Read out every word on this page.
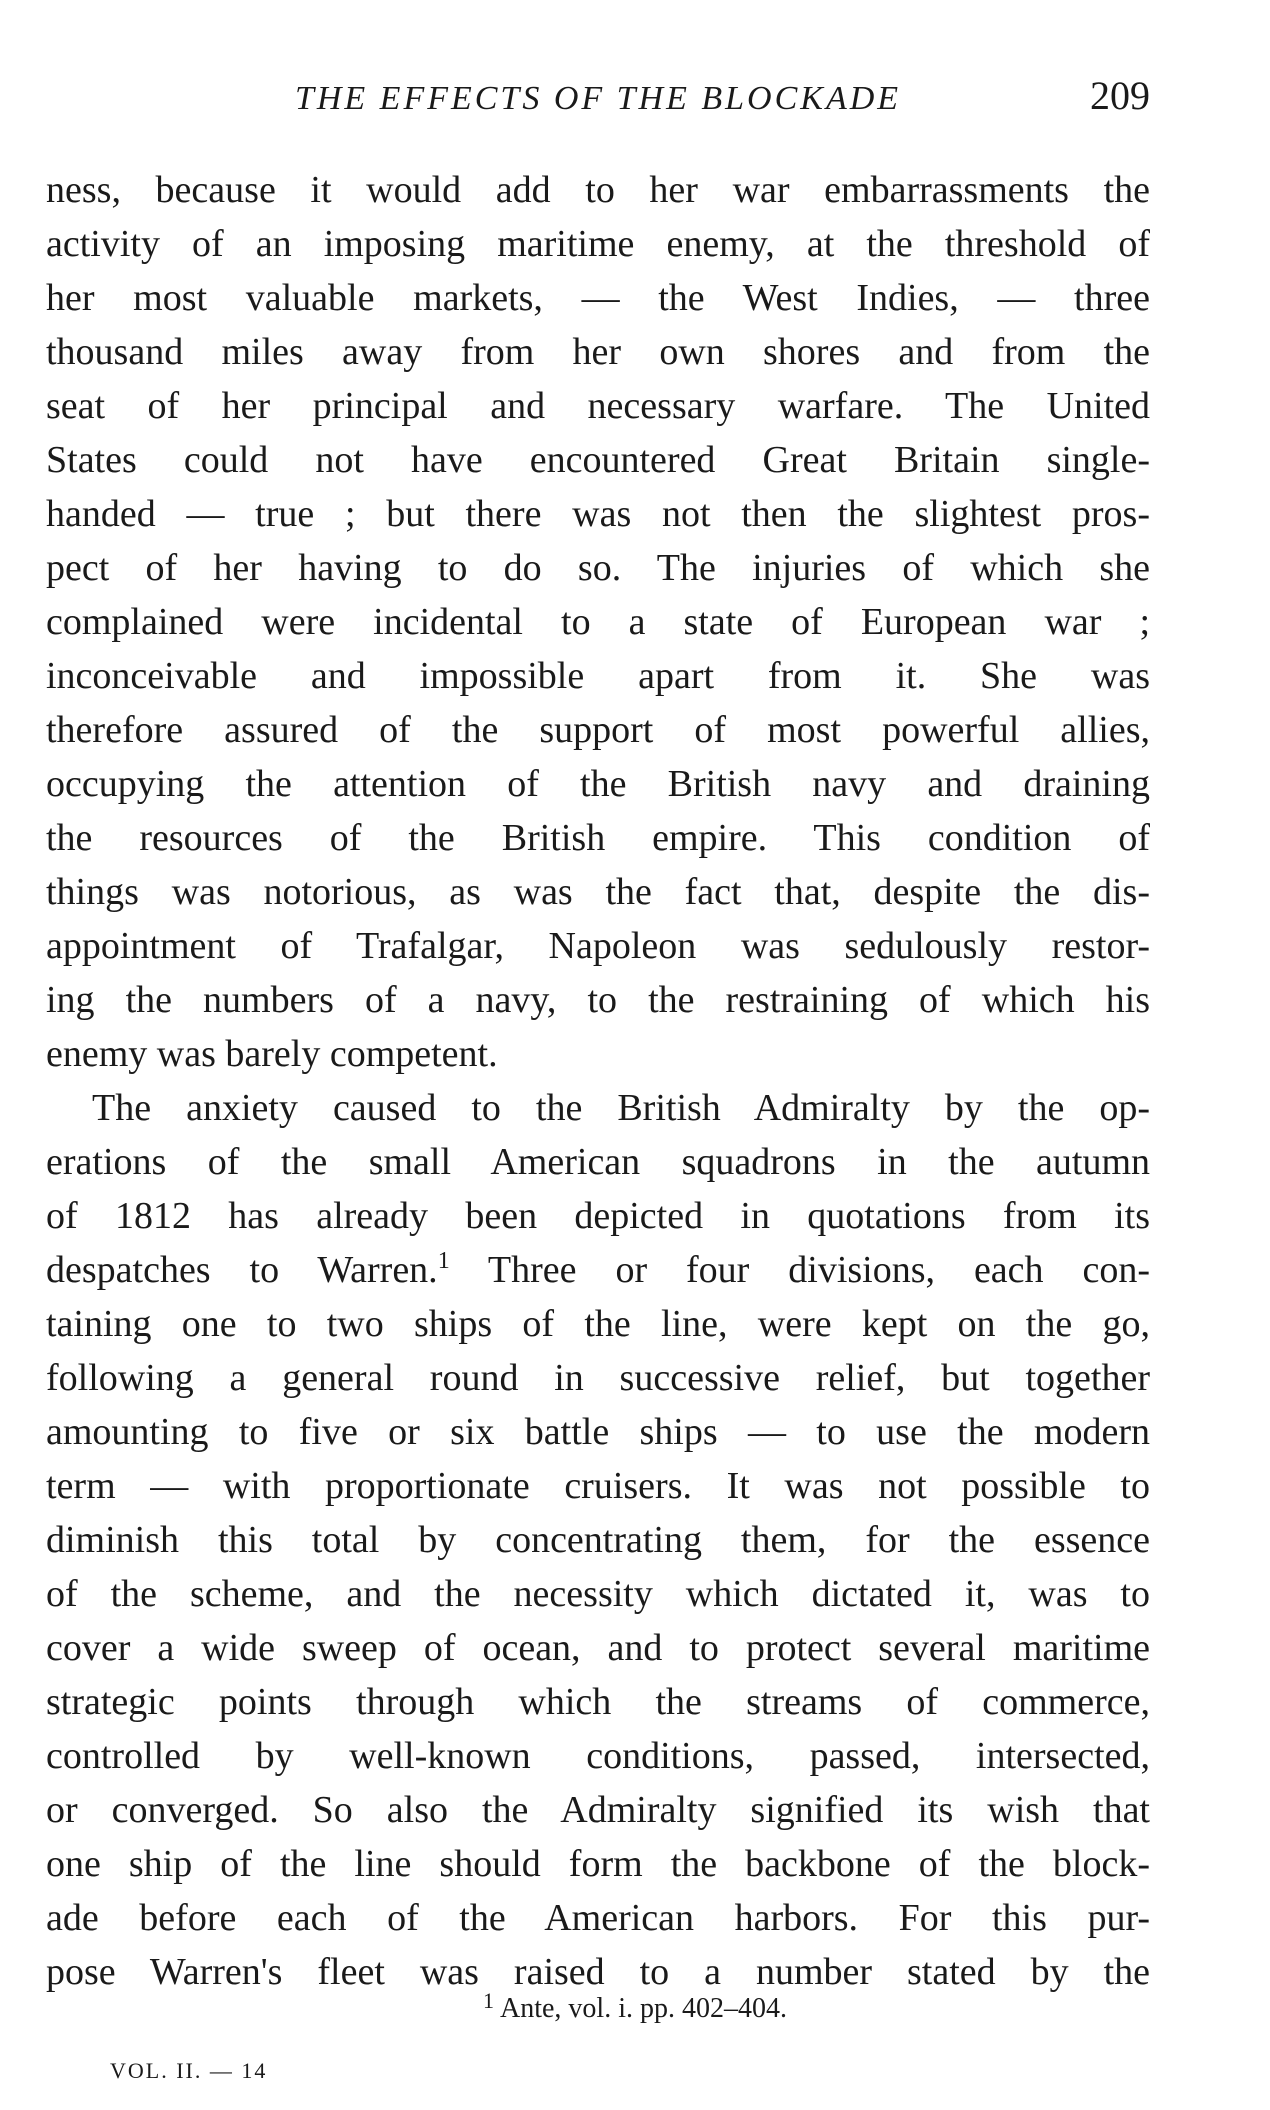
THE EFFECTS OF THE BLOCKADE	209
ness, because it would add to her war embarrassments the
activity of an imposing maritime enemy, at the threshold of
her most valuable markets, — the West Indies, — three
thousand miles away from her own shores and from the
seat of her principal and necessary warfare. The United
States could not have encountered Great Britain single-
handed — true ; but there was not then the slightest pros-
pect of her having to do so. The injuries of which she
complained were incidental to a state of European war ;
inconceivable and impossible apart from it. She was
therefore assured of the support of most powerful allies,
occupying the attention of the British navy and draining
the resources of the British empire. This condition of
things was notorious, as was the fact that, despite the dis-
appointment of Trafalgar, Napoleon was sedulously restor-
ing the numbers of a navy, to the restraining of which his
enemy was barely competent.
The anxiety caused to the British Admiralty by the op-
erations of the small American squadrons in the autumn
of 1812 has already been depicted in quotations from its
despatches to Warren.$^1$ Three or four divisions, each con-
taining one to two ships of the line, were kept on the go,
following a general round in successive relief, but together
amounting to five or six battle ships — to use the modern
term — with proportionate cruisers. It was not possible to
diminish this total by concentrating them, for the essence
of the scheme, and the necessity which dictated it, was to
cover a wide sweep of ocean, and to protect several maritime
strategic points through which the streams of commerce,
controlled by well-known conditions, passed, intersected,
or converged. So also the Admiralty signified its wish that
one ship of the line should form the backbone of the block-
ade before each of the American harbors. For this pur-
pose Warren's fleet was raised to a number stated by the
$^1$ Ante, vol. i. pp. 402–404.
VOL. II. — 14
